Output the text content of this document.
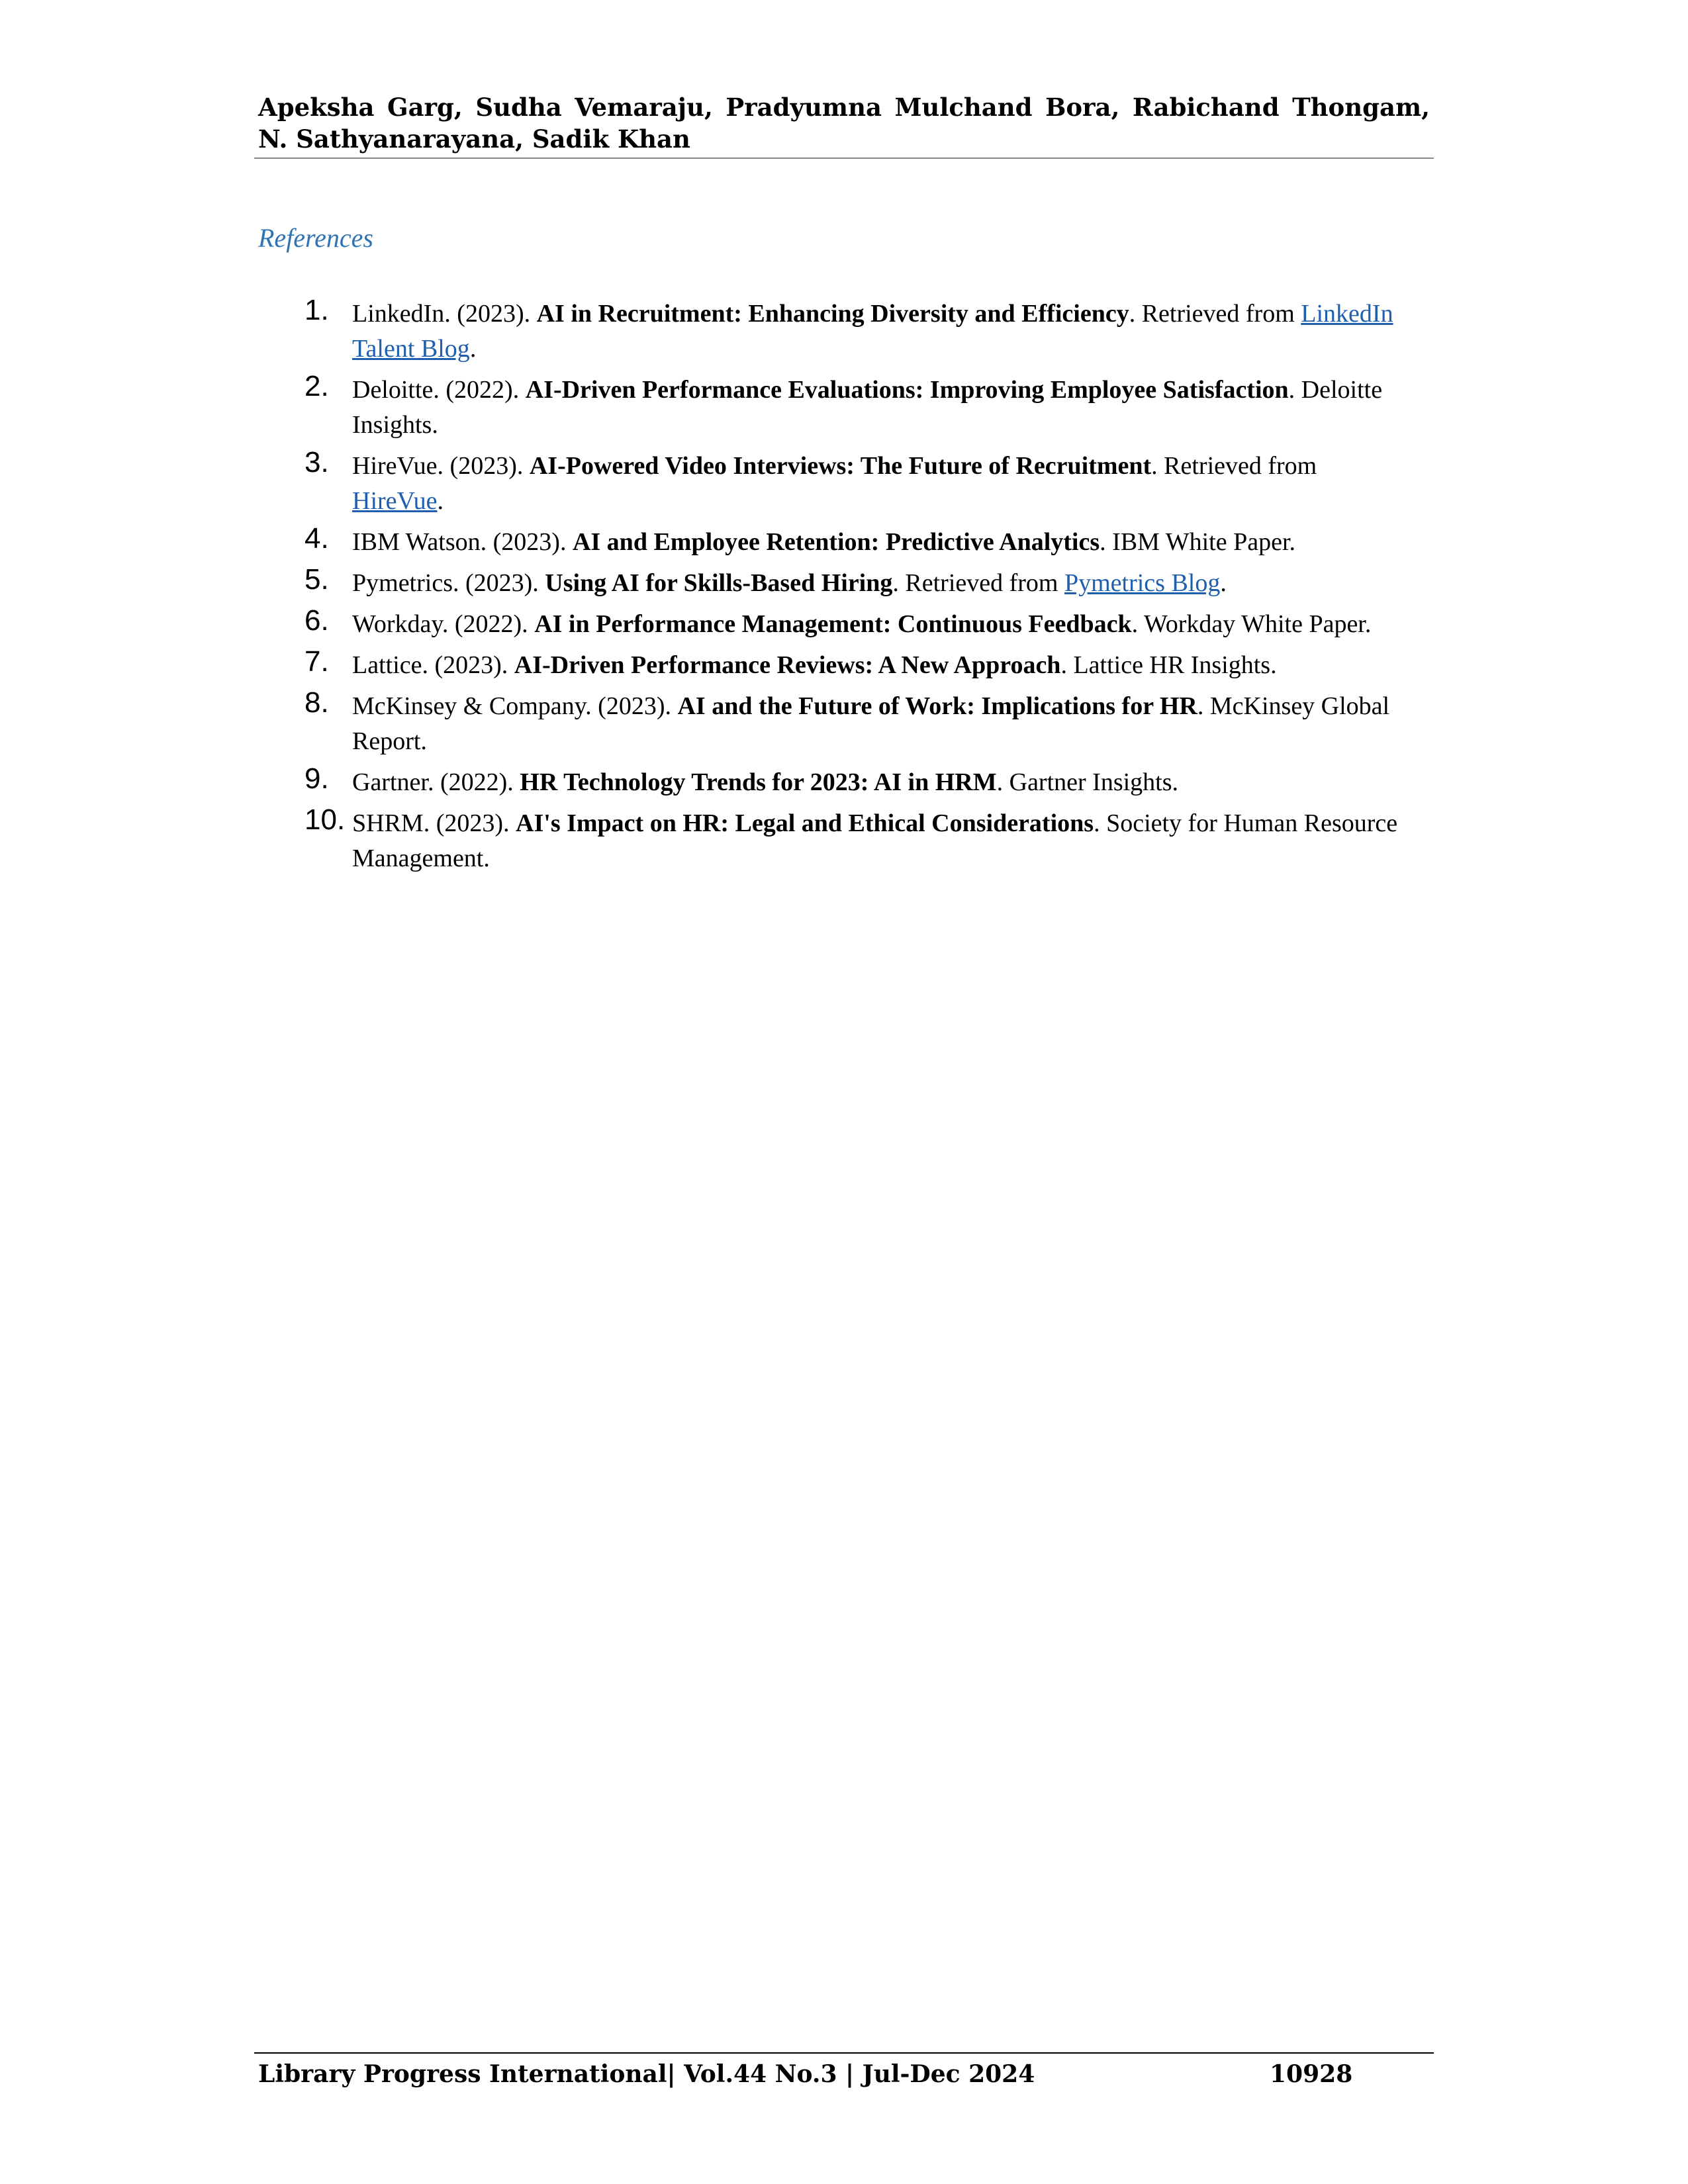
Apeksha Garg, Sudha Vemaraju, Pradyumna Mulchand Bora, Rabichand Thongam, N. Sathyanarayana, Sadik Khan
References
1. LinkedIn. (2023). AI in Recruitment: Enhancing Diversity and Efficiency. Retrieved from LinkedIn Talent Blog.
2. Deloitte. (2022). AI-Driven Performance Evaluations: Improving Employee Satisfaction. Deloitte Insights.
3. HireVue. (2023). AI-Powered Video Interviews: The Future of Recruitment. Retrieved from
HireVue.
4. IBM Watson. (2023). AI and Employee Retention: Predictive Analytics. IBM White Paper.
5. Pymetrics. (2023). Using AI for Skills-Based Hiring. Retrieved from Pymetrics Blog.
6. Workday. (2022). AI in Performance Management: Continuous Feedback. Workday White Paper.
7. Lattice. (2023). AI-Driven Performance Reviews: A New Approach. Lattice HR Insights.
8. McKinsey & Company. (2023). AI and the Future of Work: Implications for HR. McKinsey Global Report.
9. Gartner. (2022). HR Technology Trends for 2023: AI in HRM. Gartner Insights.
10. SHRM. (2023). AI's Impact on HR: Legal and Ethical Considerations. Society for Human Resource Management.
Library Progress International| Vol.44 No.3 | Jul-Dec 2024	10928
